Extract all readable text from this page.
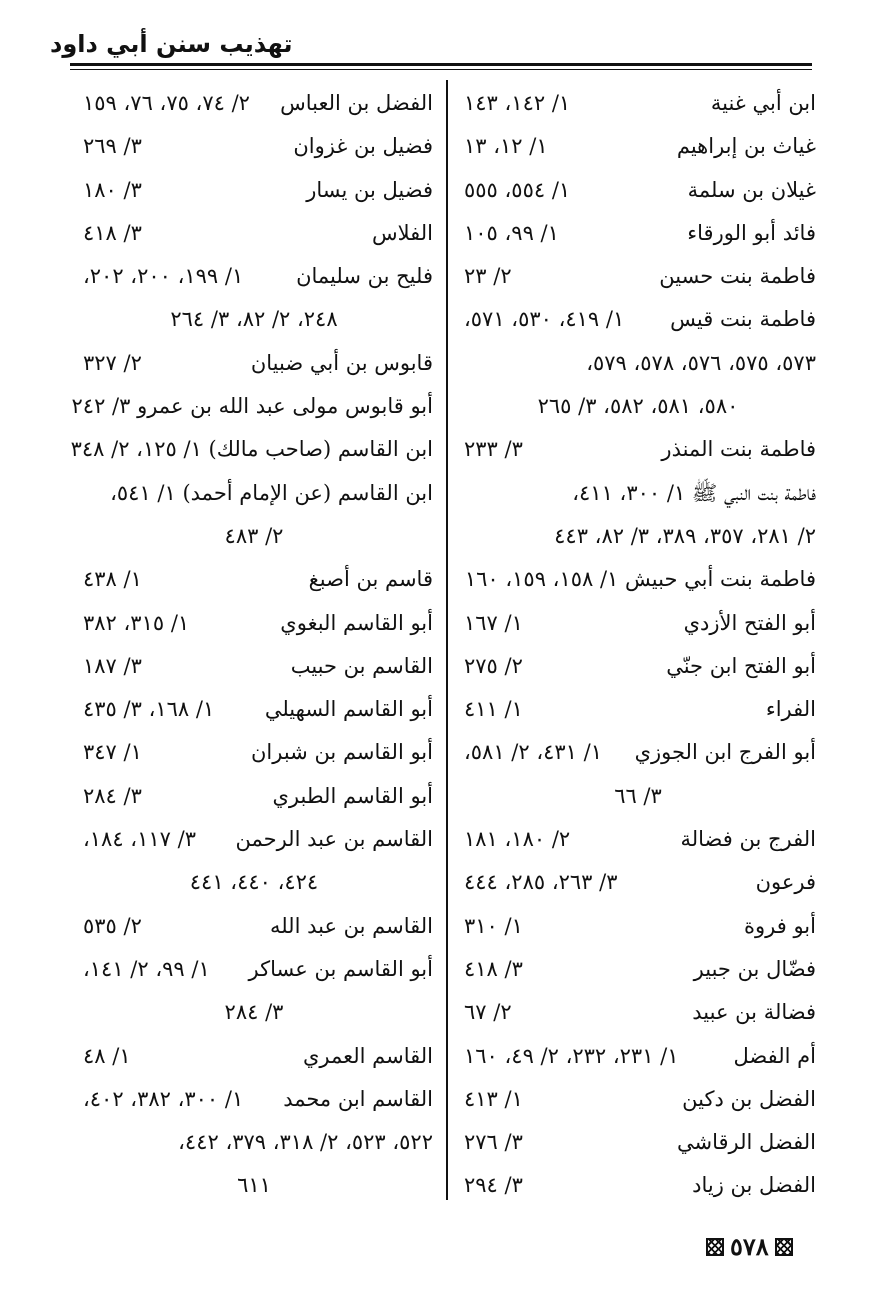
تهذيب سنن أبي داود
ابن أبي غنية
١/ ١٤٢، ١٤٣
غياث بن إبراهيم
١/ ١٢، ١٣
غيلان بن سلمة
١/ ٥٥٤، ٥٥٥
فائد أبو الورقاء
١/ ٩٩، ١٠٥
فاطمة بنت حسين
٢/ ٢٣
فاطمة بنت قيس
١/ ٤١٩، ٥٣٠، ٥٧١،
٥٧٣، ٥٧٥، ٥٧٦، ٥٧٨، ٥٧٩،
٥٨٠، ٥٨١، ٥٨٢، ٣/ ٢٦٥
فاطمة بنت المنذر
٣/ ٢٣٣
فاطمة بنت النبي ﷺ ١/ ٣٠٠، ٤١١،
٢/ ٢٨١، ٣٥٧، ٣٨٩، ٣/ ٨٢، ٤٤٣
فاطمة بنت أبي حبيش ١/ ١٥٨، ١٥٩، ١٦٠
أبو الفتح الأزدي
١/ ١٦٧
أبو الفتح ابن جنّي
٢/ ٢٧٥
الفراء
١/ ٤١١
أبو الفرج ابن الجوزي
١/ ٤٣١، ٢/ ٥٨١،
٣/ ٦٦
الفرج بن فضالة
٢/ ١٨٠، ١٨١
فرعون
٣/ ٢٦٣، ٢٨٥، ٤٤٤
أبو فروة
١/ ٣١٠
فضّال بن جبير
٣/ ٤١٨
فضالة بن عبيد
٢/ ٦٧
أم الفضل
١/ ٢٣١، ٢٣٢، ٢/ ٤٩، ١٦٠
الفضل بن دكين
١/ ٤١٣
الفضل الرقاشي
٣/ ٢٧٦
الفضل بن زياد
٣/ ٢٩٤
الفضل بن العباس
٢/ ٧٤، ٧٥، ٧٦، ١٥٩
فضيل بن غزوان
٣/ ٢٦٩
فضيل بن يسار
٣/ ١٨٠
الفلاس
٣/ ٤١٨
فليح بن سليمان
١/ ١٩٩، ٢٠٠، ٢٠٢،
٢٤٨، ٢/ ٨٢، ٣/ ٢٦٤
قابوس بن أبي ضبيان
٢/ ٣٢٧
أبو قابوس مولى عبد الله بن عمرو ٣/ ٢٤٢
ابن القاسم (صاحب مالك) ١/ ١٢٥، ٢/ ٣٤٨
ابن القاسم (عن الإمام أحمد) ١/ ٥٤١،
٢/ ٤٨٣
قاسم بن أصبغ
١/ ٤٣٨
أبو القاسم البغوي
١/ ٣١٥، ٣٨٢
القاسم بن حبيب
٣/ ١٨٧
أبو القاسم السهيلي
١/ ١٦٨، ٣/ ٤٣٥
أبو القاسم بن شبران
١/ ٣٤٧
أبو القاسم الطبري
٣/ ٢٨٤
القاسم بن عبد الرحمن
٣/ ١١٧، ١٨٤،
٤٢٤، ٤٤٠، ٤٤١
القاسم بن عبد الله
٢/ ٥٣٥
أبو القاسم بن عساكر
١/ ٩٩، ٢/ ١٤١،
٣/ ٢٨٤
القاسم العمري
١/ ٤٨
القاسم ابن محمد
١/ ٣٠٠، ٣٨٢، ٤٠٢،
٥٢٢، ٥٢٣، ٢/ ٣١٨، ٣٧٩، ٤٤٢،
٦١١
٥٧٨
